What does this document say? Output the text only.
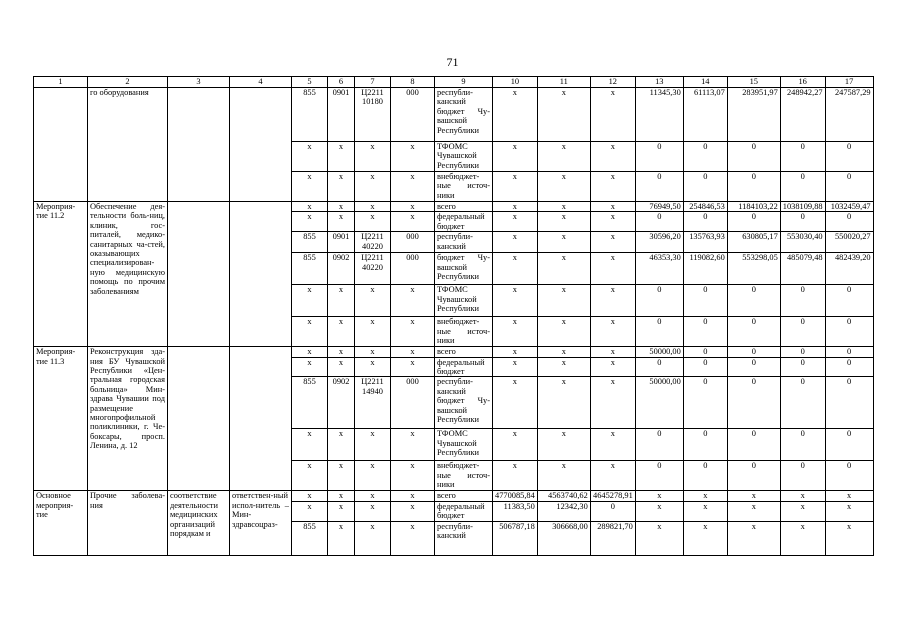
71
1	2	3	4	5	6	7	8	9	10	11	12	13	14	15	16	17
	го оборудования			855	0901	Ц2211 10180	000	республи-канский бюджет Чу-вашской Республики	x	x	x	11345,30	61113,07	283951,97	248942,27	247587,29
				x	x	x	x	ТФОМС Чувашской Республики	x	x	x	0	0	0	0	0
				x	x	x	x	внебюджет-ные источ-ники	x	x	x	0	0	0	0	0
Мероприя-тие 11.2	Обеспечение дея-тельности боль-ниц, клиник, гос-питалей, медико-санитарных ча-стей, оказывающих специализирован-ную медицинскую помощь по прочим заболеваниям			x	x	x	x	всего	x	x	x	76949,50	254846,53	1184103,22	1038109,88	1032459,47
				x	x	x	x	федеральный бюджет	x	x	x	0	0	0	0	0
				855	0901	Ц2211 40220	000	республи-канский	x	x	x	30596,20	135763,93	630805,17	553030,40	550020,27
				855	0902	Ц2211 40220	000	бюджет Чу-вашской Республики	x	x	x	46353,30	119082,60	553298,05	485079,48	482439,20
				x	x	x	x	ТФОМС Чувашской Республики	x	x	x	0	0	0	0	0
				x	x	x	x	внебюджет-ные источ-ники	x	x	x	0	0	0	0	0
Мероприя-тие 11.3	Реконструкция зда-ния БУ Чувашской Республики «Цен-тральная городская больница» Мин-здрава Чувашии под размещение многопрофильной поликлиники, г. Че-боксары, просп. Ленина, д. 12			x	x	x	x	всего	x	x	x	50000,00	0	0	0	0
				x	x	x	x	федеральный бюджет	x	x	x	0	0	0	0	0
				855	0902	Ц2211 14940	000	республи-канский бюджет Чу-вашской Республики	x	x	x	50000,00	0	0	0	0
				x	x	x	x	ТФОМС Чувашской Республики	x	x	x	0	0	0	0	0
				x	x	x	x	внебюджет-ные источ-ники	x	x	x	0	0	0	0	0
Основное мероприя-тие	Прочие заболева-ния	соответствие деятельности медицинских организаций порядкам и	ответствен-ный испол-нитель – Мин-здравсоцраз-	x	x	x	x	всего	4770085,84	4563740,62	4645278,91	x	x	x	x	x
				x	x	x	x	федеральный бюджет	11383,50	12342,30	0	x	x	x	x	x
				855	x	x	x	республи-канский	506787,18	306668,00	289821,70	x	x	x	x	x
